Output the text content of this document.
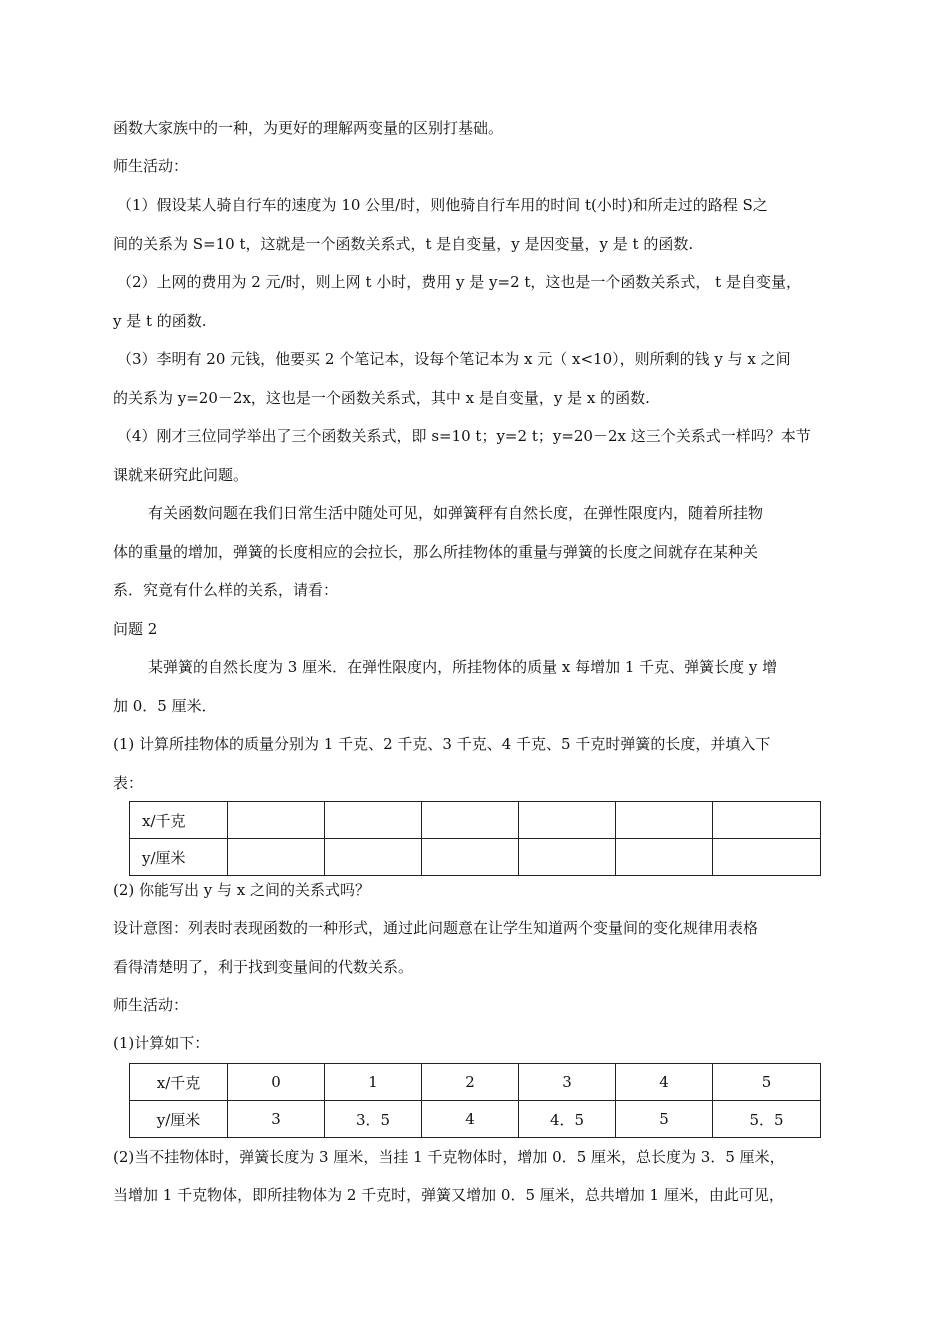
函数大家族中的一种，为更好的理解两变量的区别打基础。
师生活动：
（1）假设某人骑自行车的速度为 10 公里/时，则他骑自行车用的时间 t(小时)和所走过的路程 S之
间的关系为 S=10 t，这就是一个函数关系式，t 是自变量，y 是因变量，y 是 t 的函数.
（2）上网的费用为 2 元/时，则上网 t 小时，费用 y 是 y=2 t，这也是一个函数关系式， t 是自变量，
y 是 t 的函数.
（3）李明有 20 元钱，他要买 2 个笔记本，设每个笔记本为 x 元（ x<10），则所剩的钱 y 与 x 之间
的关系为 y=20－2x，这也是一个函数关系式，其中 x 是自变量，y 是 x 的函数.
（4）刚才三位同学举出了三个函数关系式，即 s=10 t；y=2 t；y=20－2x 这三个关系式一样吗？本节
课就来研究此问题。
有关函数问题在我们日常生活中随处可见，如弹簧秤有自然长度，在弹性限度内，随着所挂物
体的重量的增加，弹簧的长度相应的会拉长，那么所挂物体的重量与弹簧的长度之间就存在某种关
系．究竟有什么样的关系，请看：
问题 2
某弹簧的自然长度为 3 厘米．在弹性限度内，所挂物体的质量 x 每增加 1 千克、弹簧长度 y 增
加 0．5 厘米．
(1) 计算所挂物体的质量分别为 1 千克、2 千克、3 千克、4 千克、5 千克时弹簧的长度，并填入下
表：
x/千克						
y/厘米						
(2) 你能写出 y 与 x 之间的关系式吗？
设计意图：列表时表现函数的一种形式，通过此问题意在让学生知道两个变量间的变化规律用表格
看得清楚明了，利于找到变量间的代数关系。
师生活动：
(1)计算如下：
x/千克	0	1	2	3	4	5
y/厘米	3	3．5	4	4．5	5	5．5
(2)当不挂物体时，弹簧长度为 3 厘米，当挂 1 千克物体时，增加 0．5 厘米，总长度为 3．5 厘米，
当增加 1 千克物体，即所挂物体为 2 千克时，弹簧又增加 0．5 厘米，总共增加 1 厘米，由此可见，
